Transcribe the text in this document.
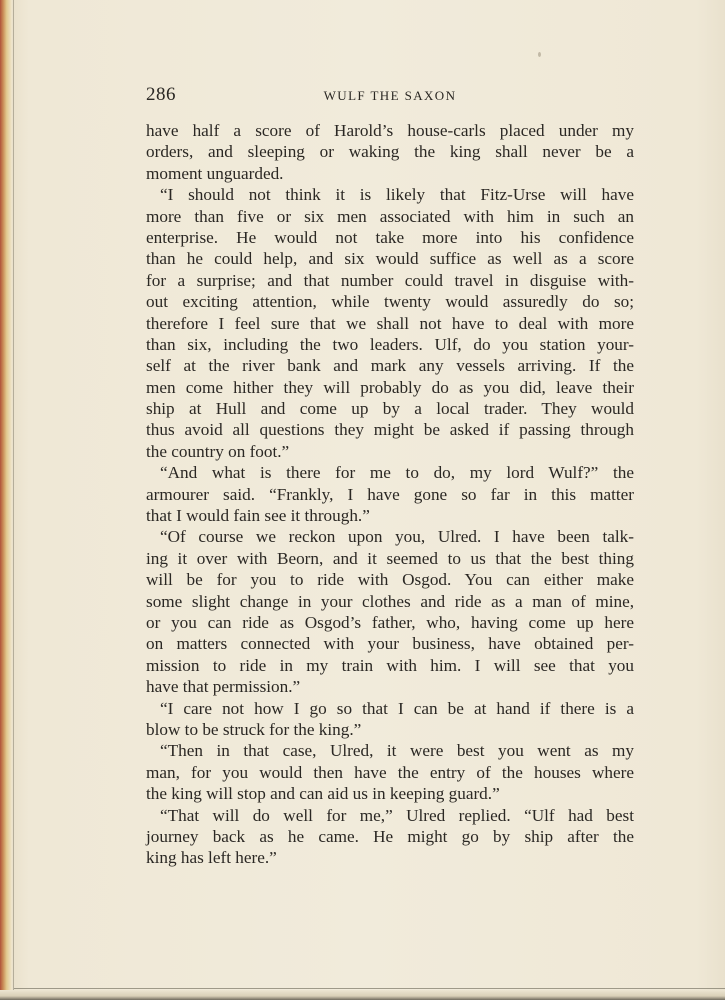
286	WULF THE SAXON
have half a score of Harold’s house-carls placed under my
orders, and sleeping or waking the king shall never be a
moment unguarded.
“I should not think it is likely that Fitz-Urse will have
more than five or six men associated with him in such an
enterprise. He would not take more into his confidence
than he could help, and six would suffice as well as a score
for a surprise; and that number could travel in disguise with-
out exciting attention, while twenty would assuredly do so;
therefore I feel sure that we shall not have to deal with more
than six, including the two leaders. Ulf, do you station your-
self at the river bank and mark any vessels arriving. If the
men come hither they will probably do as you did, leave their
ship at Hull and come up by a local trader. They would
thus avoid all questions they might be asked if passing through
the country on foot.”
“And what is there for me to do, my lord Wulf?” the
armourer said. “Frankly, I have gone so far in this matter
that I would fain see it through.”
“Of course we reckon upon you, Ulred. I have been talk-
ing it over with Beorn, and it seemed to us that the best thing
will be for you to ride with Osgod. You can either make
some slight change in your clothes and ride as a man of mine,
or you can ride as Osgod’s father, who, having come up here
on matters connected with your business, have obtained per-
mission to ride in my train with him. I will see that you
have that permission.”
“I care not how I go so that I can be at hand if there is a
blow to be struck for the king.”
“Then in that case, Ulred, it were best you went as my
man, for you would then have the entry of the houses where
the king will stop and can aid us in keeping guard.”
“That will do well for me,” Ulred replied. “Ulf had best
journey back as he came. He might go by ship after the
king has left here.”
